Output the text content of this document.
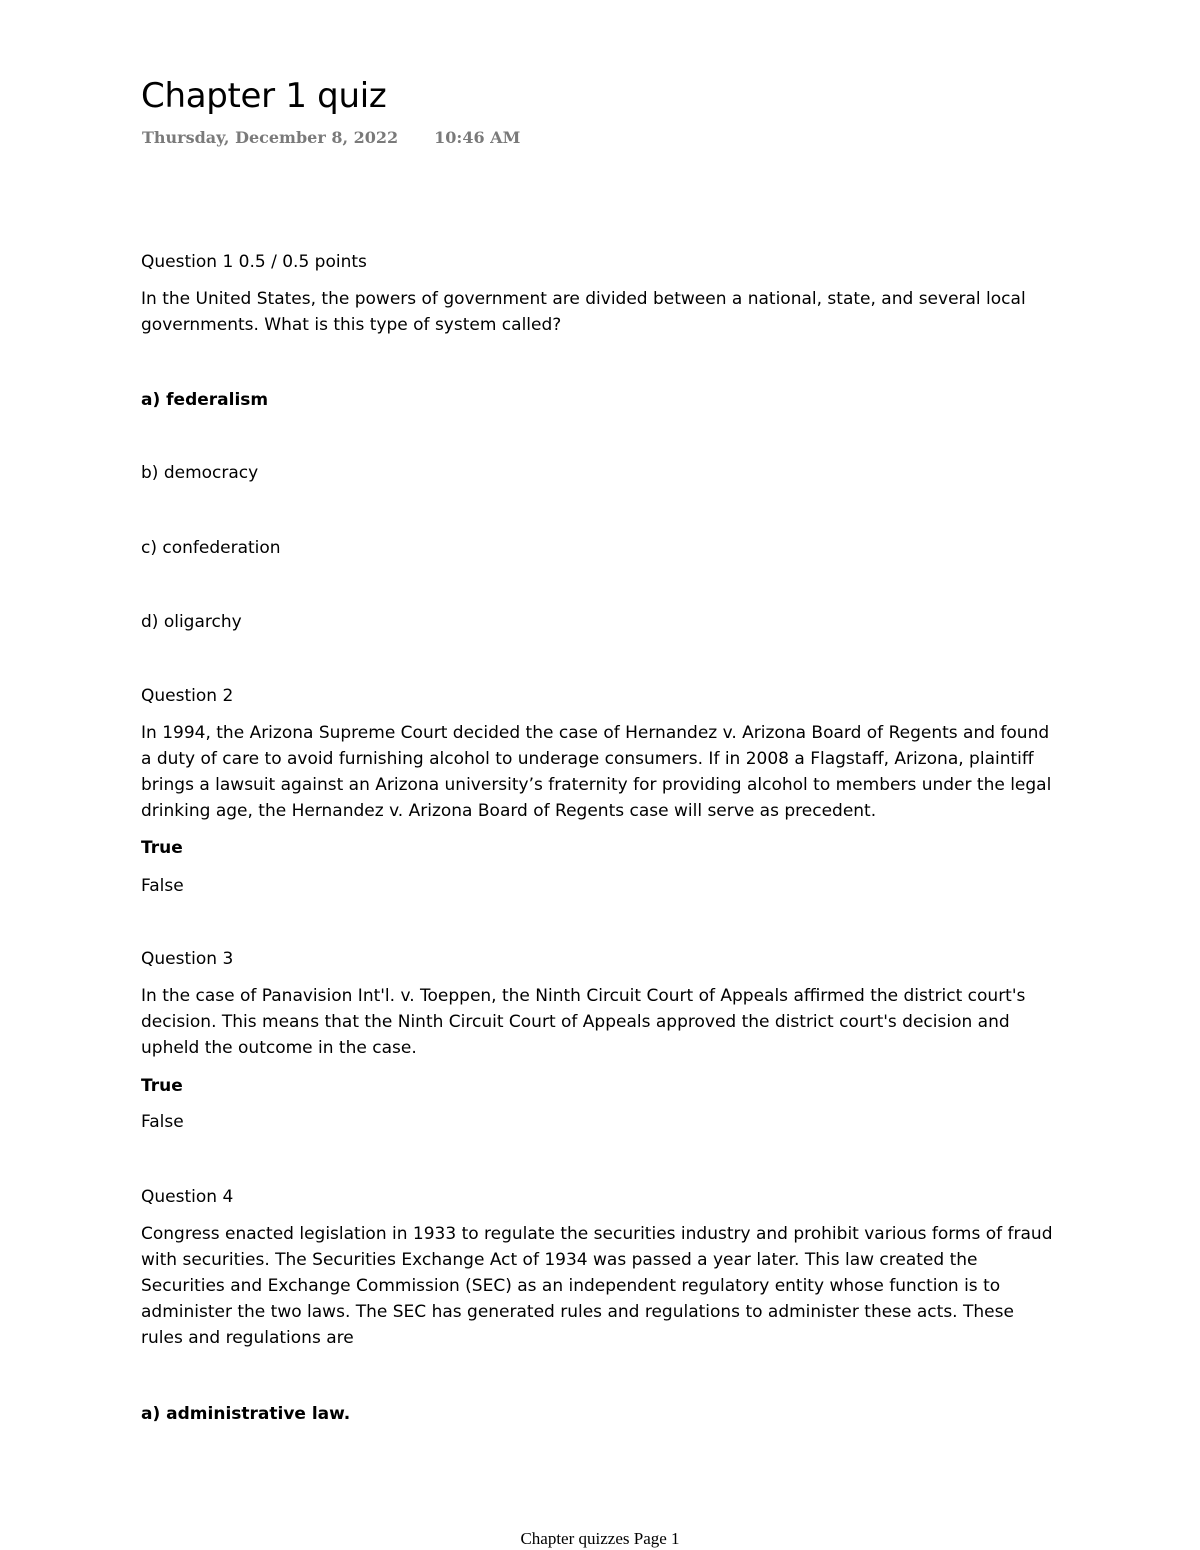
Chapter 1 quiz
Thursday, December 8, 2022 10:46 AM

Question 1 0.5 / 0.5 points

In the United States, the powers of government are divided between a national, state, and several local governments. What is this type of system called?

a) federalism

b) democracy

c) confederation

d) oligarchy

Question 2

In 1994, the Arizona Supreme Court decided the case of Hernandez v. Arizona Board of Regents and found a duty of care to avoid furnishing alcohol to underage consumers. If in 2008 a Flagstaff, Arizona, plaintiff brings a lawsuit against an Arizona university’s fraternity for providing alcohol to members under the legal drinking age, the Hernandez v. Arizona Board of Regents case will serve as precedent.

True

False

Question 3

In the case of Panavision Int'l. v. Toeppen, the Ninth Circuit Court of Appeals affirmed the district court's decision. This means that the Ninth Circuit Court of Appeals approved the district court's decision and upheld the outcome in the case.

True

False

Question 4

Congress enacted legislation in 1933 to regulate the securities industry and prohibit various forms of fraud with securities. The Securities Exchange Act of 1934 was passed a year later. This law created the Securities and Exchange Commission (SEC) as an independent regulatory entity whose function is to administer the two laws. The SEC has generated rules and regulations to administer these acts. These rules and regulations are

a) administrative law.

Chapter quizzes Page 1
